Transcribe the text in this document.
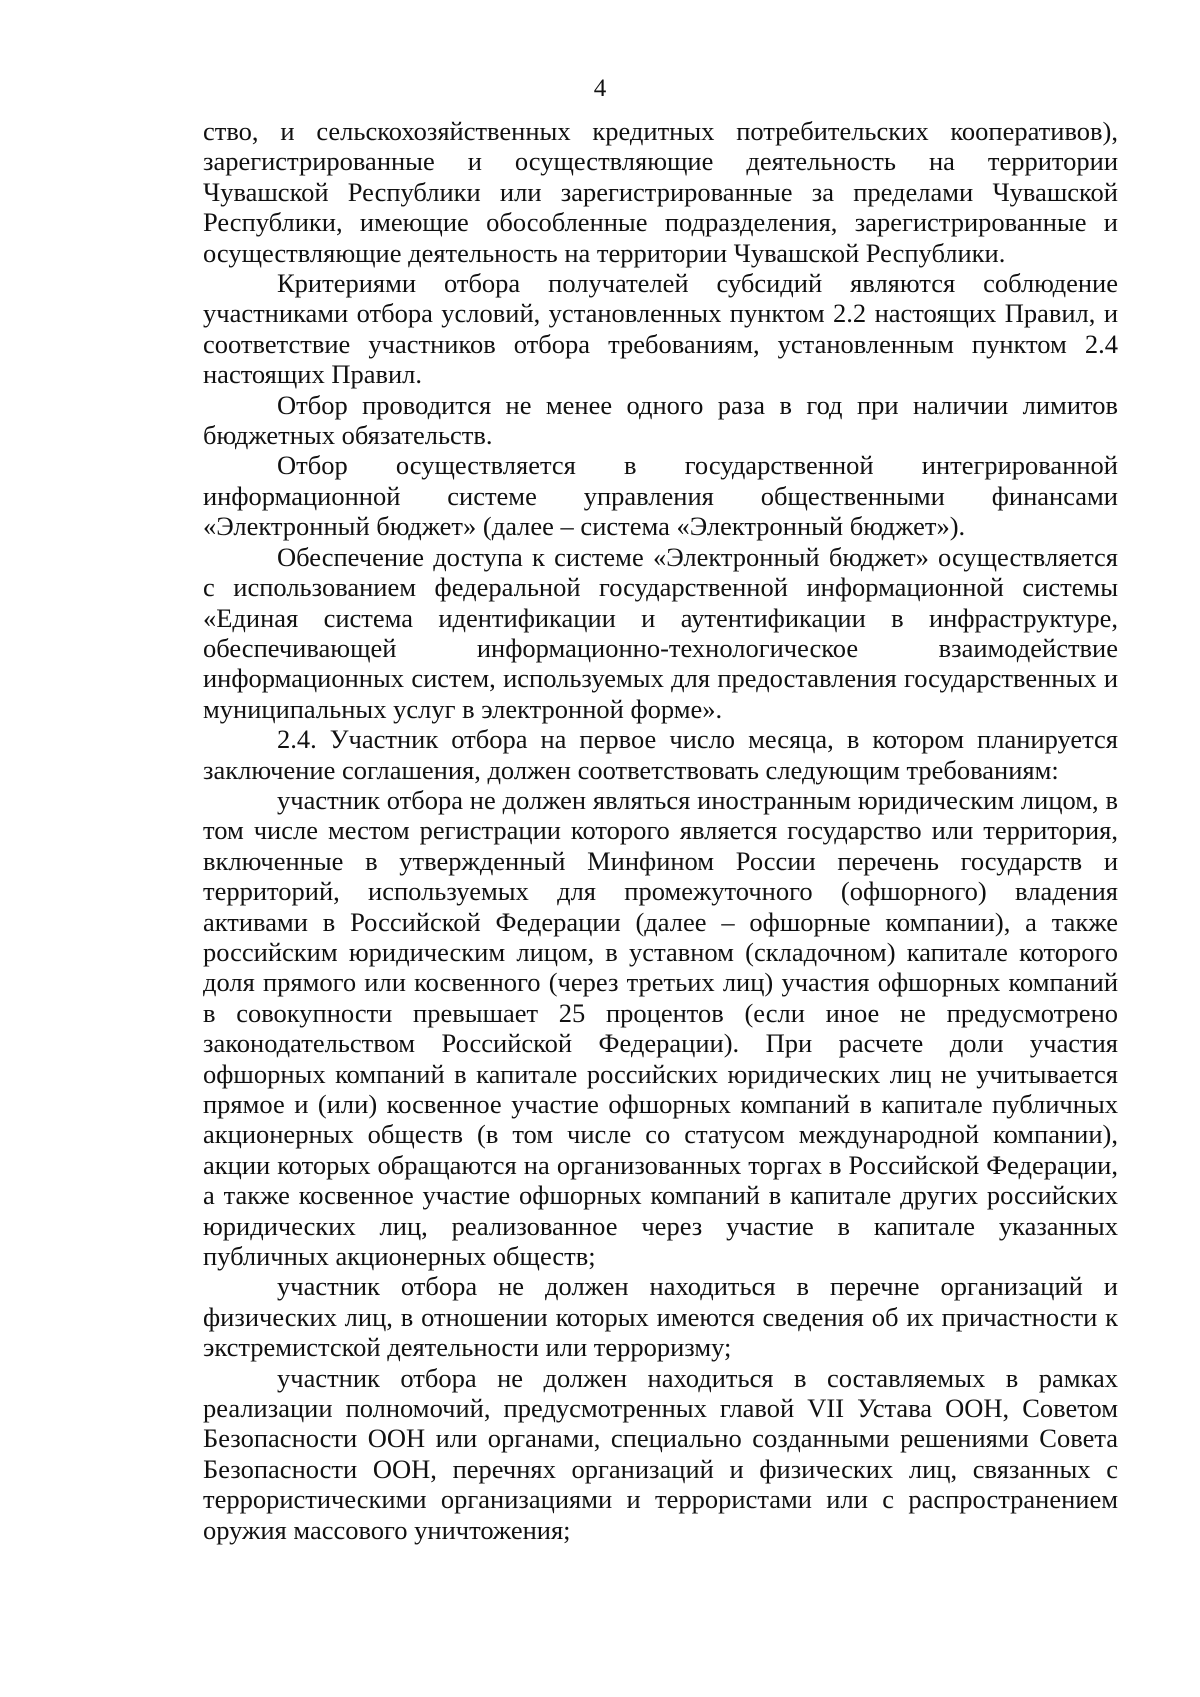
4

ство, и сельскохозяйственных кредитных потребительских кооперативов), зарегистрированные и осуществляющие деятельность на территории Чувашской Республики или зарегистрированные за пределами Чувашской Республики, имеющие обособленные подразделения, зарегистрированные и осуществляющие деятельность на территории Чувашской Республики.

Критериями отбора получателей субсидий являются соблюдение участниками отбора условий, установленных пунктом 2.2 настоящих Правил, и соответствие участников отбора требованиям, установленным пунктом 2.4 настоящих Правил.

Отбор проводится не менее одного раза в год при наличии лимитов бюджетных обязательств.

Отбор осуществляется в государственной интегрированной информационной системе управления общественными финансами «Электронный бюджет» (далее – система «Электронный бюджет»).

Обеспечение доступа к системе «Электронный бюджет» осуществляется с использованием федеральной государственной информационной системы «Единая система идентификации и аутентификации в инфраструктуре, обеспечивающей информационно-технологическое взаимодействие информационных систем, используемых для предоставления государственных и муниципальных услуг в электронной форме».

2.4. Участник отбора на первое число месяца, в котором планируется заключение соглашения, должен соответствовать следующим требованиям:

участник отбора не должен являться иностранным юридическим лицом, в том числе местом регистрации которого является государство или территория, включенные в утвержденный Минфином России перечень государств и территорий, используемых для промежуточного (офшорного) владения активами в Российской Федерации (далее – офшорные компании), а также российским юридическим лицом, в уставном (складочном) капитале которого доля прямого или косвенного (через третьих лиц) участия офшорных компаний в совокупности превышает 25 процентов (если иное не предусмотрено законодательством Российской Федерации). При расчете доли участия офшорных компаний в капитале российских юридических лиц не учитывается прямое и (или) косвенное участие офшорных компаний в капитале публичных акционерных обществ (в том числе со статусом международной компании), акции которых обращаются на организованных торгах в Российской Федерации, а также косвенное участие офшорных компаний в капитале других российских юридических лиц, реализованное через участие в капитале указанных публичных акционерных обществ;

участник отбора не должен находиться в перечне организаций и физических лиц, в отношении которых имеются сведения об их причастности к экстремистской деятельности или терроризму;

участник отбора не должен находиться в составляемых в рамках реализации полномочий, предусмотренных главой VII Устава ООН, Советом Безопасности ООН или органами, специально созданными решениями Совета Безопасности ООН, перечнях организаций и физических лиц, связанных с террористическими организациями и террористами или с распространением оружия массового уничтожения;
